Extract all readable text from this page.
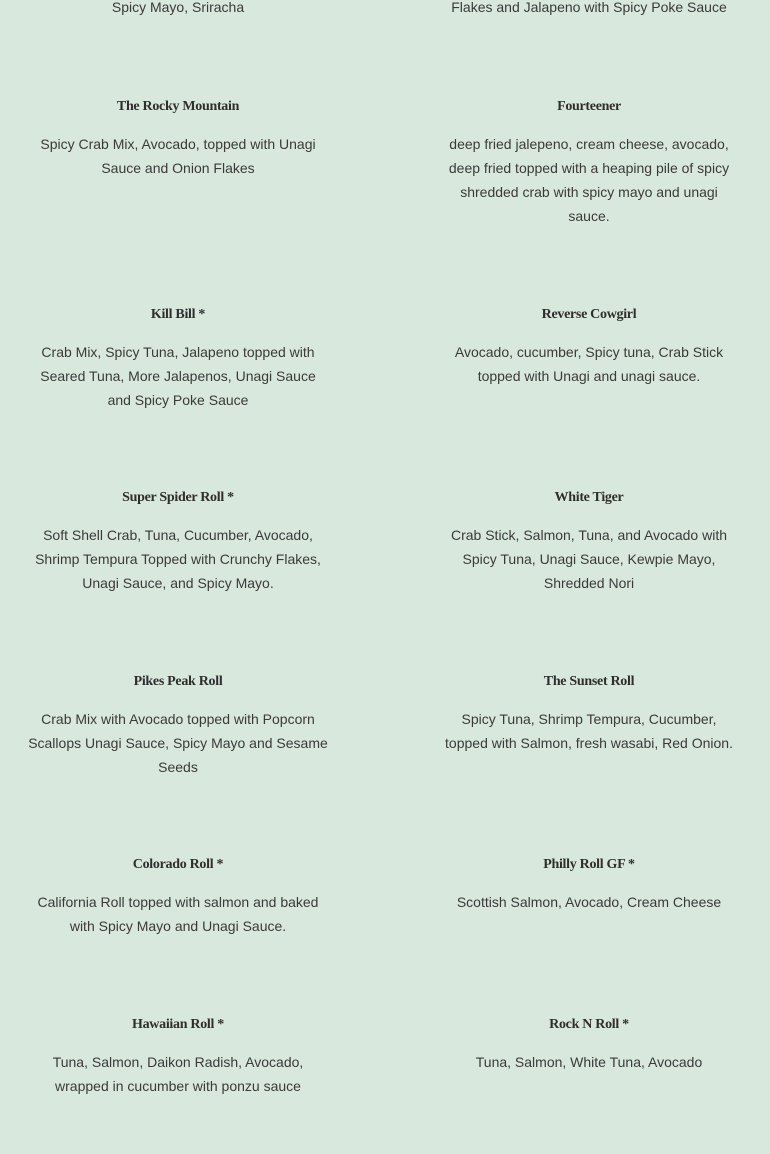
Spicy Mayo, Sriracha	Flakes and Jalapeno with Spicy Poke Sauce

The Rocky Mountain

Spicy Crab Mix, Avocado, topped with Unagi Sauce and Onion Flakes

Fourteener

deep fried jalepeno, cream cheese, avocado, deep fried topped with a heaping pile of spicy shredded crab with spicy mayo and unagi sauce.

Kill Bill *

Crab Mix, Spicy Tuna, Jalapeno topped with Seared Tuna, More Jalapenos, Unagi Sauce and Spicy Poke Sauce

Reverse Cowgirl

Avocado, cucumber, Spicy tuna, Crab Stick topped with Unagi and unagi sauce.

Super Spider Roll *

Soft Shell Crab, Tuna, Cucumber, Avocado, Shrimp Tempura Topped with Crunchy Flakes, Unagi Sauce, and Spicy Mayo.

White Tiger

Crab Stick, Salmon, Tuna, and Avocado with Spicy Tuna, Unagi Sauce, Kewpie Mayo, Shredded Nori

Pikes Peak Roll

Crab Mix with Avocado topped with Popcorn Scallops Unagi Sauce, Spicy Mayo and Sesame Seeds

The Sunset Roll

Spicy Tuna, Shrimp Tempura, Cucumber, topped with Salmon, fresh wasabi, Red Onion.

Colorado Roll *

California Roll topped with salmon and baked with Spicy Mayo and Unagi Sauce.

Philly Roll GF *

Scottish Salmon, Avocado, Cream Cheese

Hawaiian Roll *

Tuna, Salmon, Daikon Radish, Avocado, wrapped in cucumber with ponzu sauce

Rock N Roll *

Tuna, Salmon, White Tuna, Avocado
